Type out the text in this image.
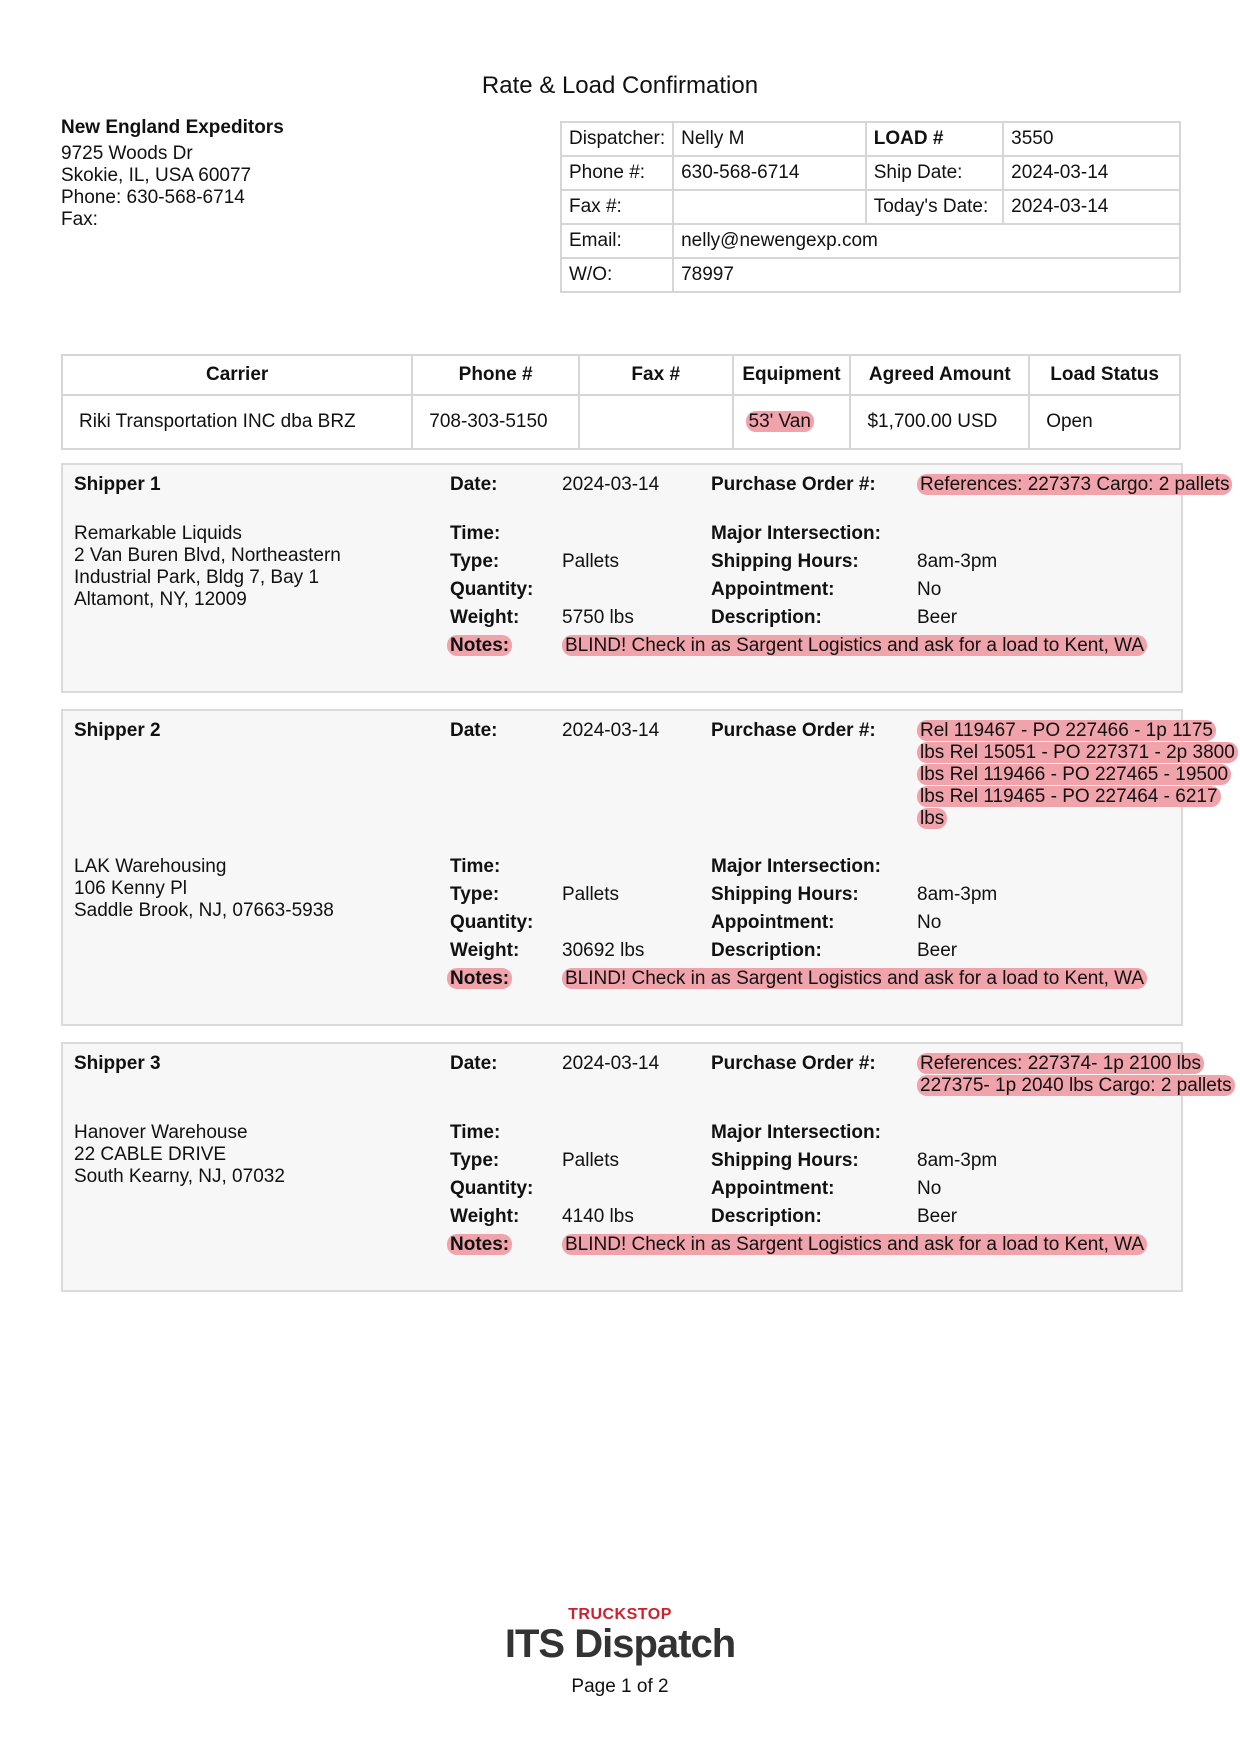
Rate & Load Confirmation
New England Expeditors
9725 Woods Dr
Skokie, IL, USA 60077
Phone: 630-568-6714
Fax:
Dispatcher:	Nelly M	LOAD #	3550
Phone #:	630-568-6714	Ship Date:	2024-03-14
Fax #:		Today's Date:	2024-03-14
Email:	nelly@newengexp.com		
W/O:	78997		
Carrier	Phone #	Fax #	Equipment	Agreed Amount	Load Status
Riki Transportation INC dba BRZ	708-303-5150		53' Van	$1,700.00 USD	Open
Shipper 1	Date:	2024-03-14	Purchase Order #: References: 227373 Cargo: 2 pallets
Remarkable Liquids
2 Van Buren Blvd, Northeastern
Industrial Park, Bldg 7, Bay 1
Altamont, NY, 12009
Time:	Major Intersection:
Type:	Pallets	Shipping Hours:	8am-3pm
Quantity:	Appointment:	No
Weight: 5750 lbs	Description:	Beer
Notes:	BLIND! Check in as Sargent Logistics and ask for a load to Kent, WA
Shipper 2	Date:	2024-03-14	Purchase Order #: Rel 119467 - PO 227466 - 1p 1175 lbs Rel 15051 - PO 227371 - 2p 3800 lbs Rel 119466 - PO 227465 - 19500 lbs Rel 119465 - PO 227464 - 6217 lbs
LAK Warehousing
106 Kenny Pl
Saddle Brook, NJ, 07663-5938
Time:	Major Intersection:
Type:	Pallets	Shipping Hours:	8am-3pm
Quantity:	Appointment:	No
Weight: 30692 lbs	Description:	Beer
Notes:	BLIND! Check in as Sargent Logistics and ask for a load to Kent, WA
Shipper 3	Date:	2024-03-14	Purchase Order #: References: 227374- 1p 2100 lbs 227375- 1p 2040 lbs Cargo: 2 pallets
Hanover Warehouse
22 CABLE DRIVE
South Kearny, NJ, 07032
Time:	Major Intersection:
Type:	Pallets	Shipping Hours:	8am-3pm
Quantity:	Appointment:	No
Weight: 4140 lbs	Description:	Beer
Notes:	BLIND! Check in as Sargent Logistics and ask for a load to Kent, WA
TRUCKSTOP
ITS Dispatch
Page 1 of 2
